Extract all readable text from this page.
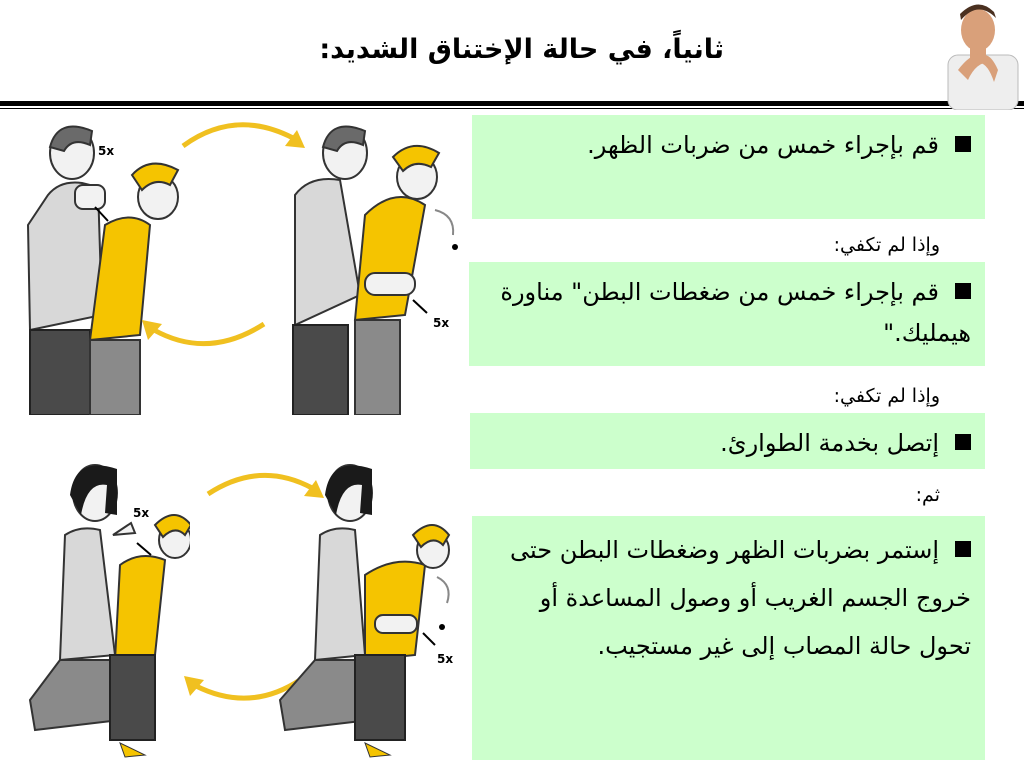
ثانياً، في حالة الإختناق الشديد:
5x
5x
5x
5x
قم بإجراء خمس من ضربات الظهر.
وإذا لم تكفي:
قم بإجراء خمس من ضغطات البطن" مناورة هيمليك."
وإذا لم تكفي:
إتصل بخدمة الطوارئ.
ثم:
إستمر بضربات الظهر وضغطات البطن حتى خروج الجسم الغريب أو وصول المساعدة أو تحول حالة المصاب إلى غير مستجيب.
